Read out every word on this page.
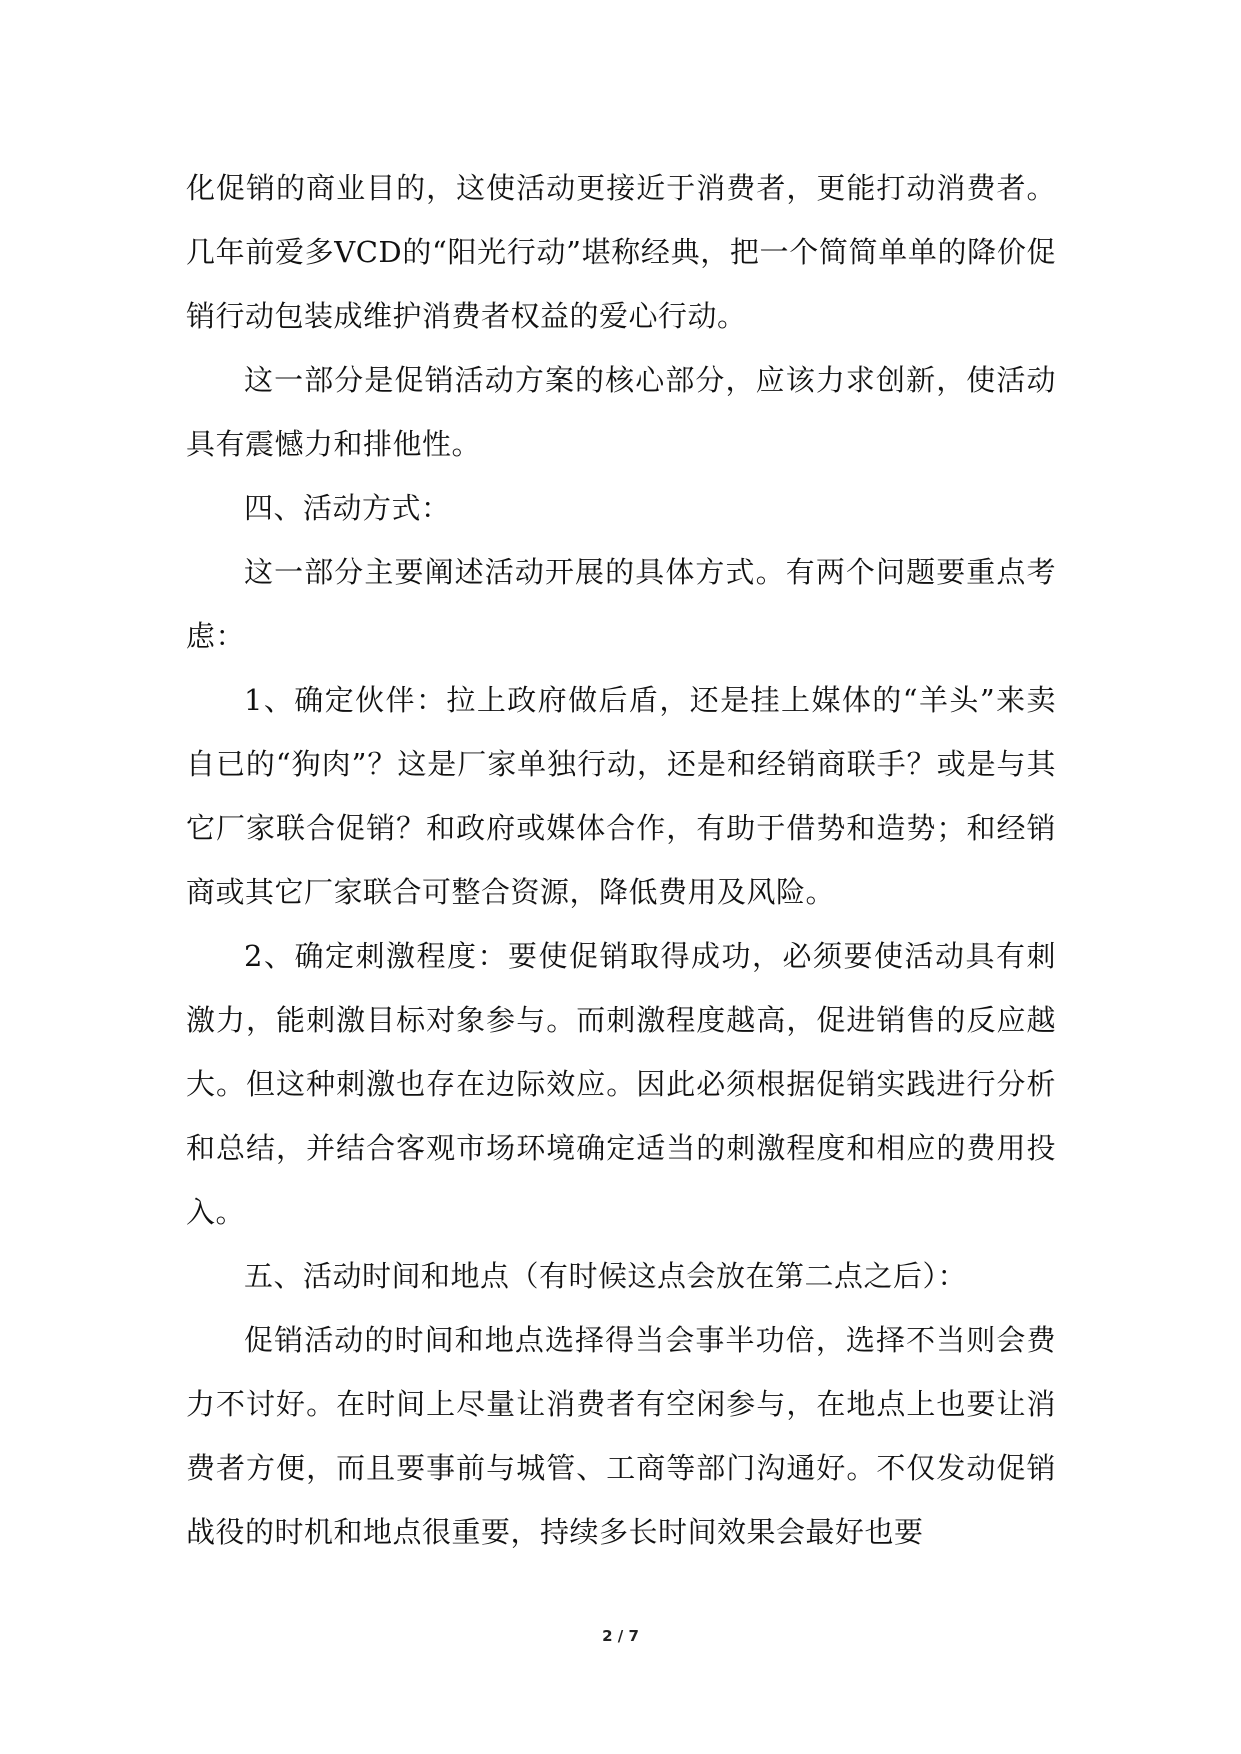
化促销的商业目的，这使活动更接近于消费者，更能打动消费者。几年前爱多VCD的“阳光行动”堪称经典，把一个简简单单的降价促销行动包装成维护消费者权益的爱心行动。

这一部分是促销活动方案的核心部分，应该力求创新，使活动具有震憾力和排他性。

四、活动方式：

这一部分主要阐述活动开展的具体方式。有两个问题要重点考虑：

1、确定伙伴：拉上政府做后盾，还是挂上媒体的“羊头”来卖自已的“狗肉”？这是厂家单独行动，还是和经销商联手？或是与其它厂家联合促销？和政府或媒体合作，有助于借势和造势；和经销商或其它厂家联合可整合资源，降低费用及风险。

2、确定刺激程度：要使促销取得成功，必须要使活动具有刺激力，能刺激目标对象参与。而刺激程度越高，促进销售的反应越大。但这种刺激也存在边际效应。因此必须根据促销实践进行分析和总结，并结合客观市场环境确定适当的刺激程度和相应的费用投入。

五、活动时间和地点（有时候这点会放在第二点之后）：

促销活动的时间和地点选择得当会事半功倍，选择不当则会费力不讨好。在时间上尽量让消费者有空闲参与，在地点上也要让消费者方便，而且要事前与城管、工商等部门沟通好。不仅发动促销战役的时机和地点很重要，持续多长时间效果会最好也要

2 / 7
